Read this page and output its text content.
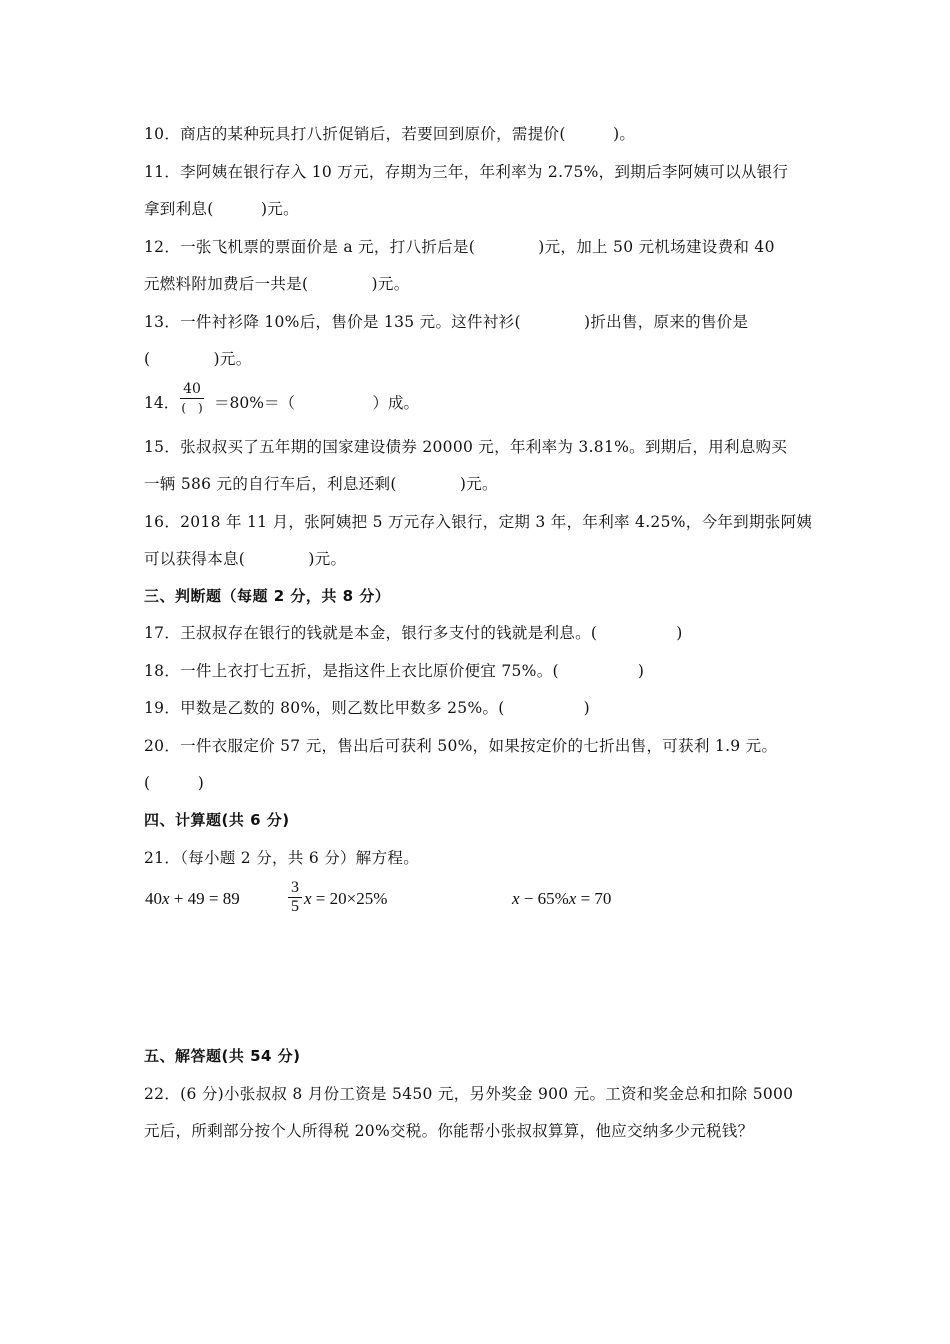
10．商店的某种玩具打八折促销后，若要回到原价，需提价(　　　)。
11．李阿姨在银行存入 10 万元，存期为三年，年利率为 2.75%，到期后李阿姨可以从银行
拿到利息(　　　)元。
12．一张飞机票的票面价是 a 元，打八折后是(　　　　)元，加上 50 元机场建设费和 40
元燃料附加费后一共是(　　　　)元。
13．一件衬衫降 10%后，售价是 135 元。这件衬衫(　　　　)折出售，原来的售价是
(　　　　)元。
14．
40
(　) ＝80%＝（　　　　　）成。
15．张叔叔买了五年期的国家建设债券 20000 元，年利率为 3.81%。到期后，用利息购买
一辆 586 元的自行车后，利息还剩(　　　　)元。
16．2018 年 11 月，张阿姨把 5 万元存入银行，定期 3 年，年利率 4.25%，今年到期张阿姨
可以获得本息(　　　　)元。
三、判断题（每题 2 分，共 8 分）
17．王叔叔存在银行的钱就是本金，银行多支付的钱就是利息。(　　　　　)
18．一件上衣打七五折，是指这件上衣比原价便宜 75%。(　　　　　)
19．甲数是乙数的 80%，则乙数比甲数多 25%。(　　　　　)
20．一件衣服定价 57 元，售出后可获利 50%，如果按定价的七折出售，可获利 1.9 元。
(　　　)
四、计算题(共 6 分)
21．（每小题 2 分，共 6 分）解方程。
40x + 49 = 89
3
5 x = 20×25%	x − 65%x = 70
五、解答题(共 54 分)
22．(6 分)小张叔叔 8 月份工资是 5450 元，另外奖金 900 元。工资和奖金总和扣除 5000
元后，所剩部分按个人所得税 20%交税。你能帮小张叔叔算算，他应交纳多少元税钱？
